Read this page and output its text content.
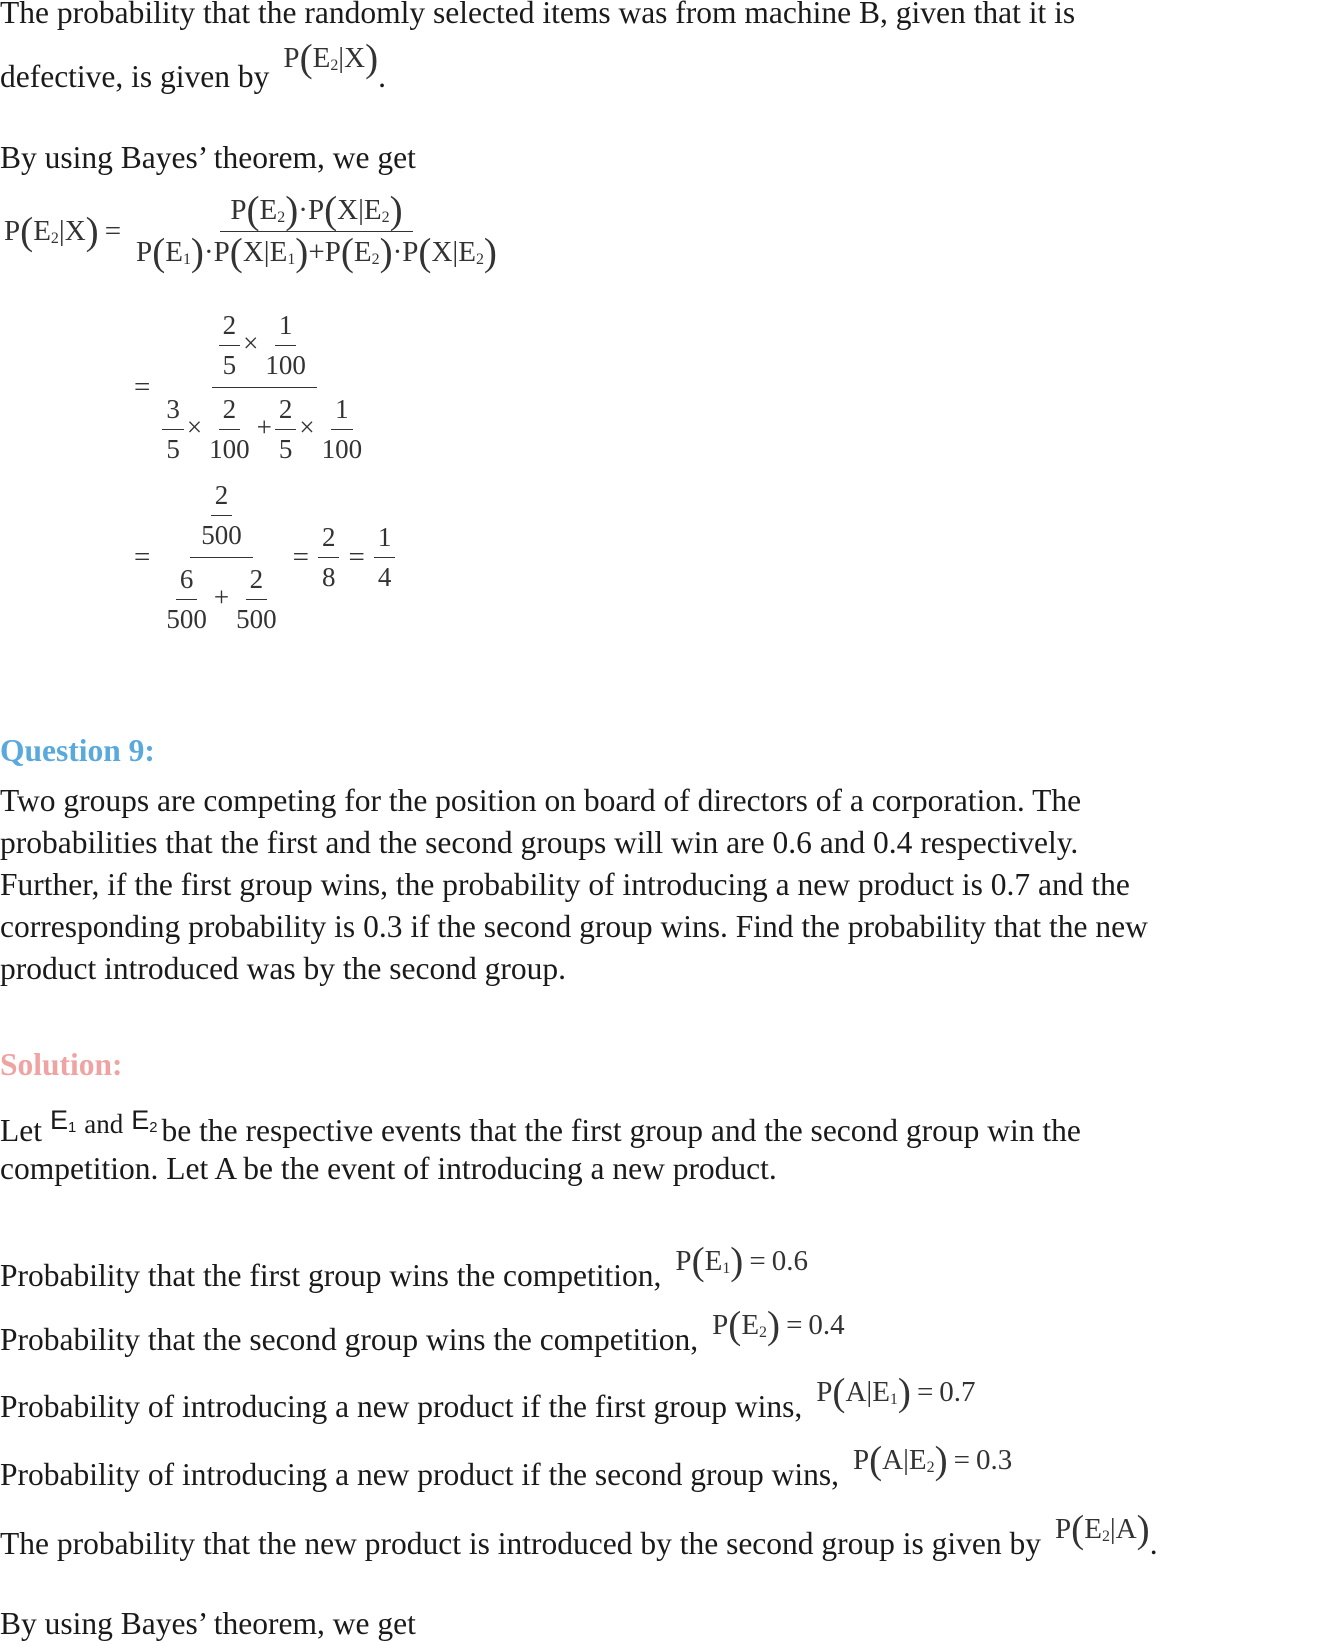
The probability that the randomly selected items was from machine B, given that it is
defective, is given by
$P(E_2|X)$ .
By using Bayes’ theorem, we get
$P(E_2|X) = \frac{P(E_2)\cdot P(X|E_2)}{P(E_1)\cdot P(X|E_1)+P(E_2)\cdot P(X|E_2)}$
= $\frac{\frac{2}{5} \times \frac{1}{100}}{\frac{3}{5} \times \frac{2}{100} + \frac{2}{5} \times \frac{1}{100}}$
= $\frac{\frac{2}{500}}{\frac{6}{500} + \frac{2}{500}} = \frac{2}{8} = \frac{1}{4}$
Question 9:
Two groups are competing for the position on board of directors of a corporation. The
probabilities that the first and the second groups will win are 0.6 and 0.4 respectively.
Further, if the first group wins, the probability of introducing a new product is 0.7 and the
corresponding probability is 0.3 if the second group wins. Find the probability that the new
product introduced was by the second group.
Solution:
Let $E_1$ and $E_2$ be the respective events that the first group and the second group win the
competition. Let A be the event of introducing a new product.
Probability that the first group wins the competition, $P(E_1) = 0.6$
Probability that the second group wins the competition, $P(E_2) = 0.4$
Probability of introducing a new product if the first group wins, $P(A|E_1) = 0.7$
Probability of introducing a new product if the second group wins, $P(A|E_2) = 0.3$
The probability that the new product is introduced by the second group is given by $P(E_2|A)$ .
By using Bayes’ theorem, we get
